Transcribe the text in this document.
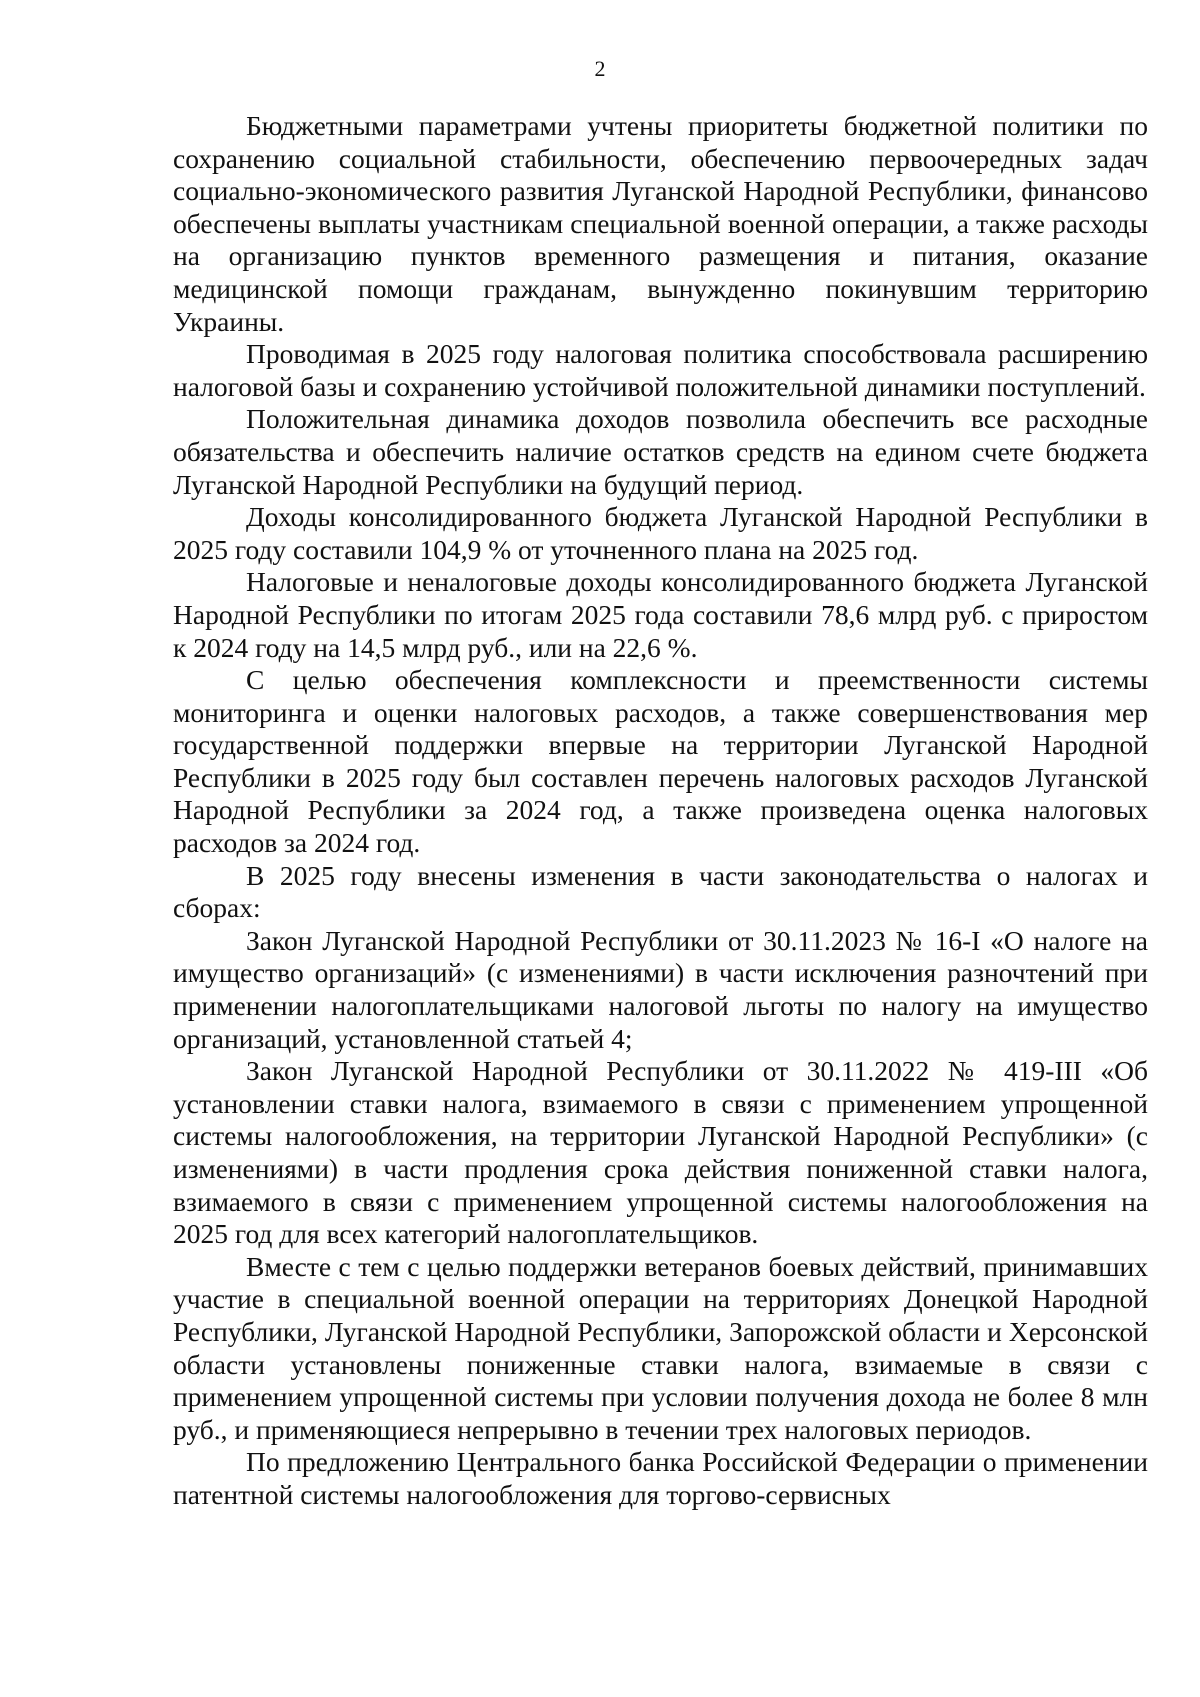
2

Бюджетными параметрами учтены приоритеты бюджетной политики по сохранению социальной стабильности, обеспечению первоочередных задач социально-экономического развития Луганской Народной Республики, финансово обеспечены выплаты участникам специальной военной операции, а также расходы на организацию пунктов временного размещения и питания, оказание медицинской помощи гражданам, вынужденно покинувшим территорию Украины.

Проводимая в 2025 году налоговая политика способствовала расширению налоговой базы и сохранению устойчивой положительной динамики поступлений.

Положительная динамика доходов позволила обеспечить все расходные обязательства и обеспечить наличие остатков средств на едином счете бюджета Луганской Народной Республики на будущий период.

Доходы консолидированного бюджета Луганской Народной Республики в 2025 году составили 104,9 % от уточненного плана на 2025 год.

Налоговые и неналоговые доходы консолидированного бюджета Луганской Народной Республики по итогам 2025 года составили 78,6 млрд руб. с приростом к 2024 году на 14,5 млрд руб., или на 22,6 %.

С целью обеспечения комплексности и преемственности системы мониторинга и оценки налоговых расходов, а также совершенствования мер государственной поддержки впервые на территории Луганской Народной Республики в 2025 году был составлен перечень налоговых расходов Луганской Народной Республики за 2024 год, а также произведена оценка налоговых расходов за 2024 год.

В 2025 году внесены изменения в части законодательства о налогах и сборах:

Закон Луганской Народной Республики от 30.11.2023 № 16-I «О налоге на имущество организаций» (с изменениями) в части исключения разночтений при применении налогоплательщиками налоговой льготы по налогу на имущество организаций, установленной статьей 4;

Закон Луганской Народной Республики от 30.11.2022 № 419-III «Об установлении ставки налога, взимаемого в связи с применением упрощенной системы налогообложения, на территории Луганской Народной Республики» (с изменениями) в части продления срока действия пониженной ставки налога, взимаемого в связи с применением упрощенной системы налогообложения на 2025 год для всех категорий налогоплательщиков.

Вместе с тем с целью поддержки ветеранов боевых действий, принимавших участие в специальной военной операции на территориях Донецкой Народной Республики, Луганской Народной Республики, Запорожской области и Херсонской области установлены пониженные ставки налога, взимаемые в связи с применением упрощенной системы при условии получения дохода не более 8 млн руб., и применяющиеся непрерывно в течении трех налоговых периодов.

По предложению Центрального банка Российской Федерации о применении патентной системы налогообложения для торгово-сервисных
